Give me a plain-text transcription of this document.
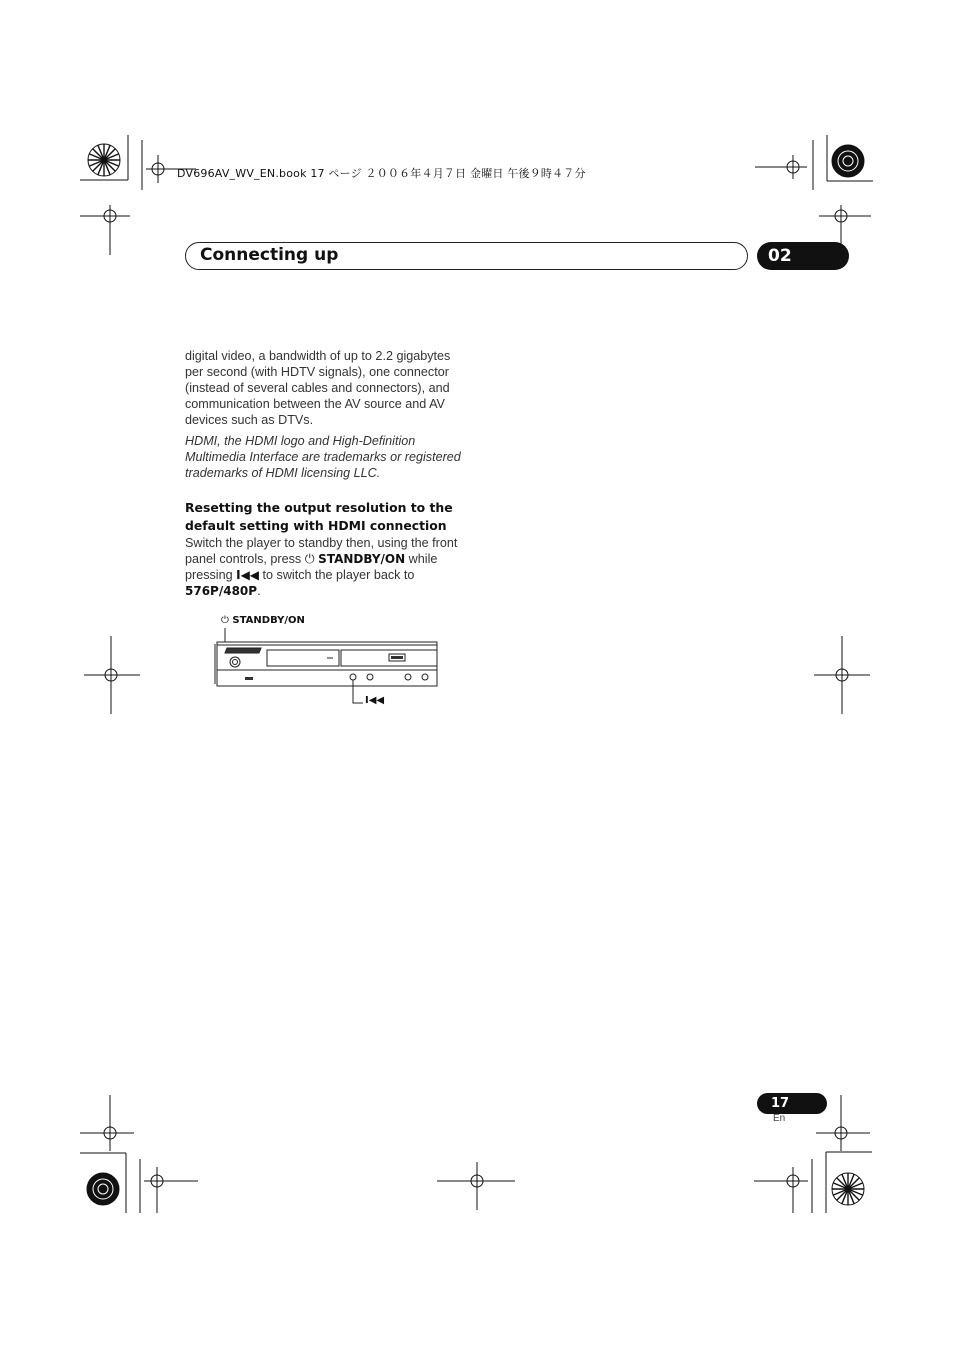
DV696AV_WV_EN.book 17 ページ ２００６年４月７日 金曜日 午後９時４７分
Connecting up	02
digital video, a bandwidth of up to 2.2 gigabytes per second (with HDTV signals), one connector (instead of several cables and connectors), and communication between the AV source and AV devices such as DTVs.
HDMI, the HDMI logo and High-Definition Multimedia Interface are trademarks or registered trademarks of HDMI licensing LLC.
Resetting the output resolution to the default setting with HDMI connection
Switch the player to standby then, using the front panel controls, press ⏻ STANDBY/ON while pressing I◀◀ to switch the player back to 576P/480P.
⏻ STANDBY/ON
I◀◀
17
En
